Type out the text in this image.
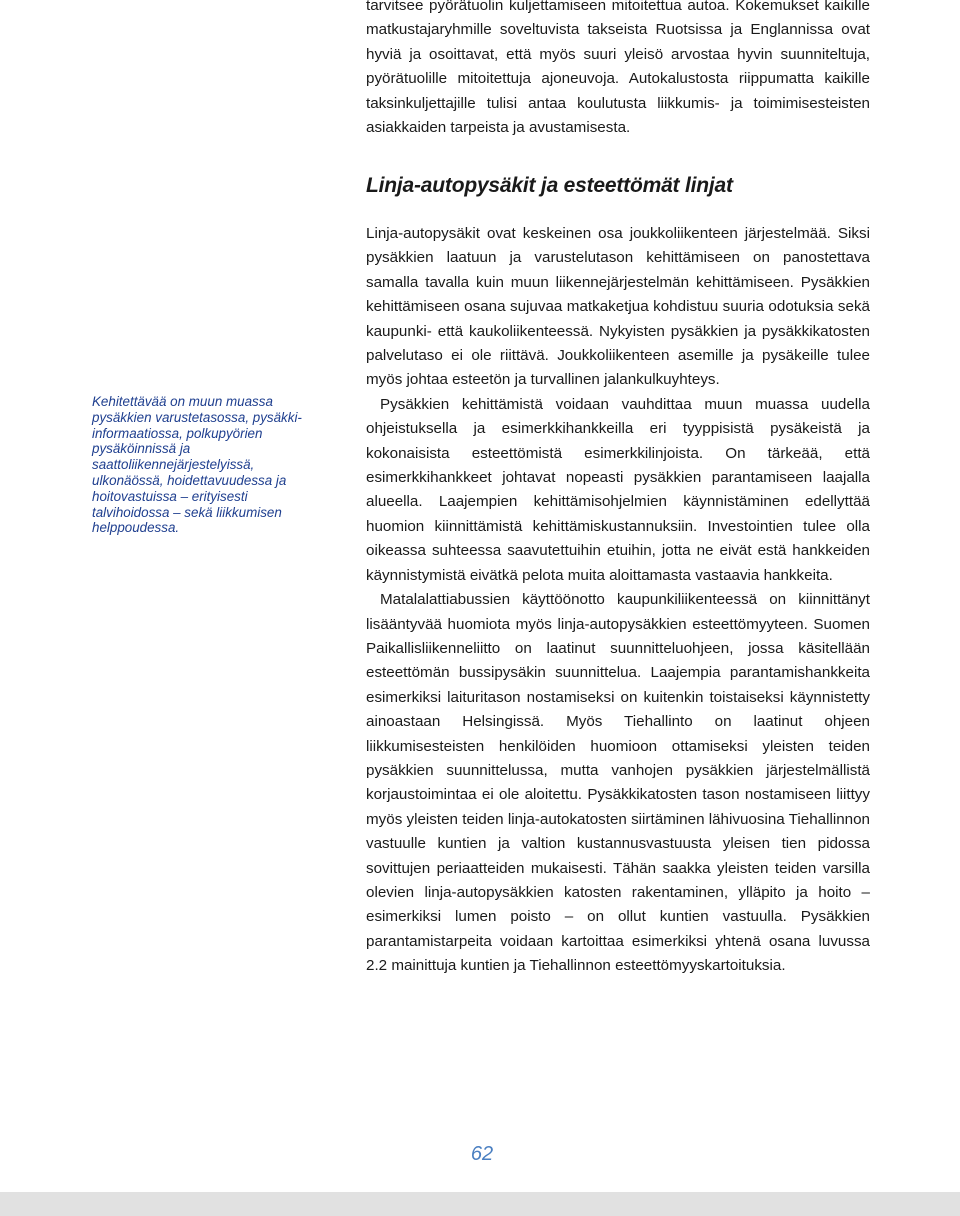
tarvitsee pyörätuolin kuljettamiseen mitoitettua autoa. Kokemukset kaikille matkustajaryhmille soveltuvista takseista Ruotsissa ja Englannissa ovat hyviä ja osoittavat, että myös suuri yleisö arvostaa hyvin suunniteltuja, pyörätuolille mitoitettuja ajoneuvoja. Autokalustosta riippumatta kaikille taksinkuljettajille tulisi antaa koulutusta liikkumis- ja toimimisesteisten asiakkaiden tarpeista ja avustamisesta.

Linja-autopysäkit ja esteettömät linjat

Linja-autopysäkit ovat keskeinen osa joukkoliikenteen järjestelmää. Siksi pysäkkien laatuun ja varustelutason kehittämiseen on panostettava samalla tavalla kuin muun liikennejärjestelmän kehittämiseen. Pysäkkien kehittämiseen osana sujuvaa matkaketjua kohdistuu suuria odotuksia sekä kaupunki- että kaukoliikenteessä. Nykyisten pysäkkien ja pysäkkikatosten palvelutaso ei ole riittävä. Joukkoliikenteen asemille ja pysäkeille tulee myös johtaa esteetön ja turvallinen jalankulkuyhteys.

Pysäkkien kehittämistä voidaan vauhdittaa muun muassa uudella ohjeistuksella ja esimerkkihankkeilla eri tyyppisistä pysäkeistä ja kokonaisista esteettömistä esimerkkilinjoista. On tärkeää, että esimerkkihankkeet johtavat nopeasti pysäkkien parantamiseen laajalla alueella. Laajempien kehittämisohjelmien käynnistäminen edellyttää huomion kiinnittämistä kehittämiskustannuksiin. Investointien tulee olla oikeassa suhteessa saavutettuihin etuihin, jotta ne eivät estä hankkeiden käynnistymistä eivätkä pelota muita aloittamasta vastaavia hankkeita.

Matalalattiabussien käyttöönotto kaupunkiliikenteessä on kiinnittänyt lisääntyvää huomiota myös linja-autopysäkkien esteettömyyteen. Suomen Paikallisliikenneliitto on laatinut suunnitteluohjeen, jossa käsitellään esteettömän bussipysäkin suunnittelua. Laajempia parantamishankkeita esimerkiksi laituritason nostamiseksi on kuitenkin toistaiseksi käynnistetty ainoastaan Helsingissä. Myös Tiehallinto on laatinut ohjeen liikkumisesteisten henkilöiden huomioon ottamiseksi yleisten teiden pysäkkien suunnittelussa, mutta vanhojen pysäkkien järjestelmällistä korjaustoimintaa ei ole aloitettu. Pysäkkikatosten tason nostamiseen liittyy myös yleisten teiden linja-autokatosten siirtäminen lähivuosina Tiehallinnon vastuulle kuntien ja valtion kustannusvastuusta yleisen tien pidossa sovittujen periaatteiden mukaisesti. Tähän saakka yleisten teiden varsilla olevien linja-autopysäkkien katosten rakentaminen, ylläpito ja hoito – esimerkiksi lumen poisto – on ollut kuntien vastuulla. Pysäkkien parantamistarpeita voidaan kartoittaa esimerkiksi yhtenä osana luvussa 2.2 mainittuja kuntien ja Tiehallinnon esteettömyyskartoituksia.

Kehitettävää on muun muassa pysäkkien varustetasossa, pysäkkiinformaatiossa, polkupyörien pysäköinnissä ja saattoliikennejärjestelyissä, ulkonäössä, hoidettavuudessa ja hoitovastuissa – erityisesti talvihoidossa – sekä liikkumisen helppoudessa.

62
